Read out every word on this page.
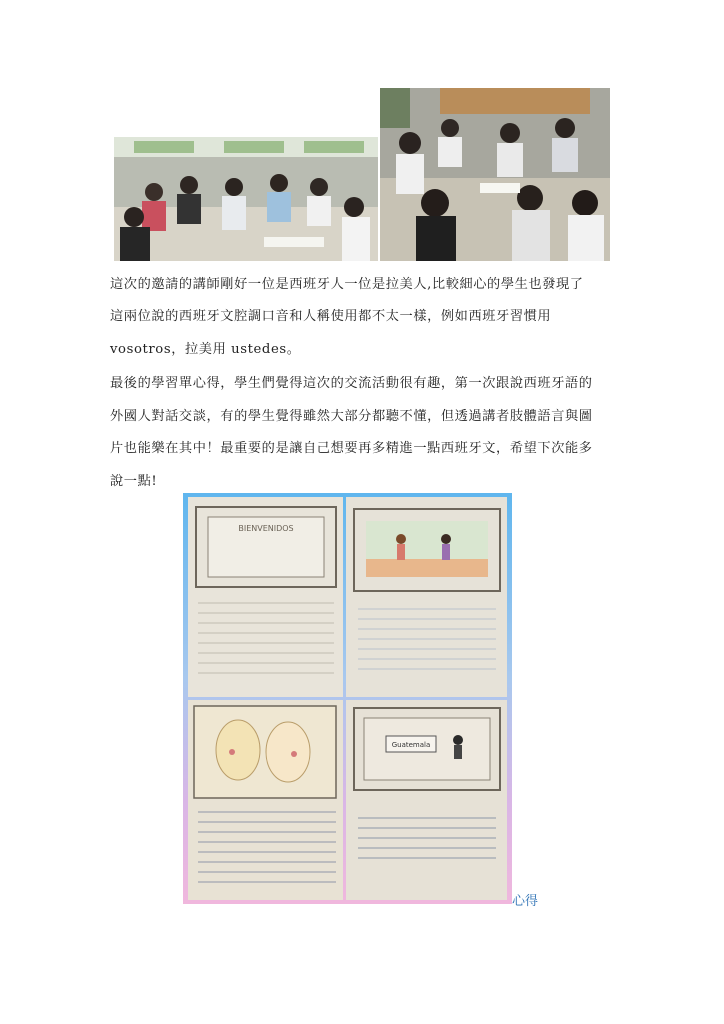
這次的邀請的講師剛好一位是西班牙人一位是拉美人,比較細心的學生也發現了
這兩位說的西班牙文腔調口音和人稱使用都不太一樣，例如西班牙習慣用
vosotros，拉美用 ustedes。
最後的學習單心得，學生們覺得這次的交流活動很有趣，第一次跟說西班牙語的
外國人對話交談，有的學生覺得雖然大部分都聽不懂，但透過講者肢體語言與圖
片也能樂在其中！最重要的是讓自己想要再多精進一點西班牙文，希望下次能多
說一點!
BIENVENIDOS
Guatemala
心得
